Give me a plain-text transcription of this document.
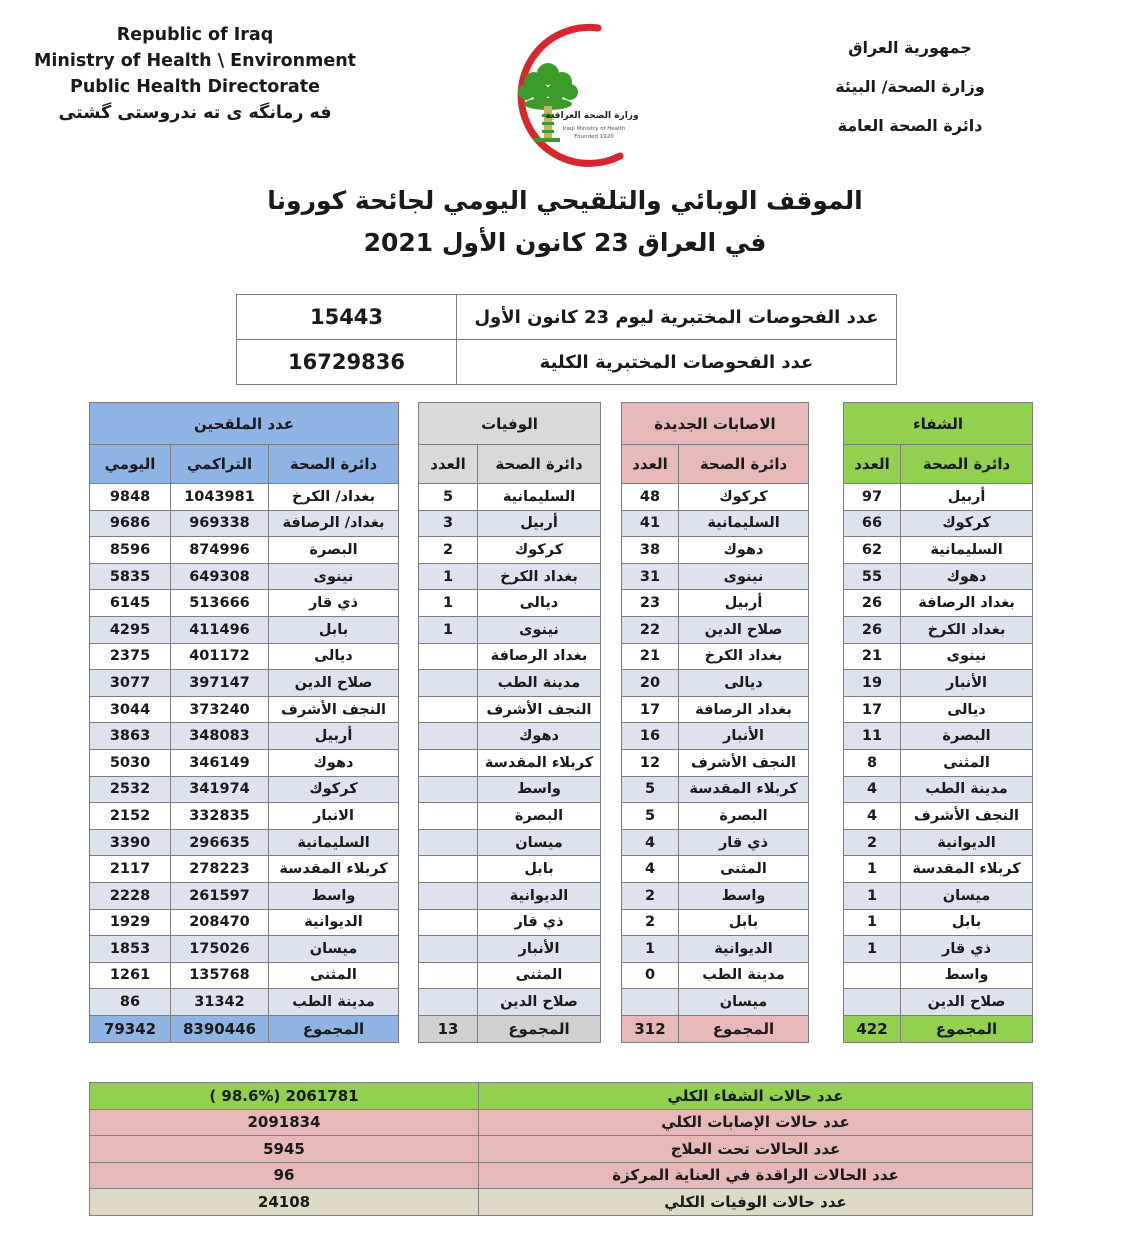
Republic of Iraq
Ministry of Health \ Environment
Public Health Directorate
فه رمانگه ی ته ندروستی گشتی	وزارة الصحة العراقية
Iraqi Ministry of Health
Founded 1920
جمهورية العراق
وزارة الصحة/ البيئة
دائرة الصحة العامة
الموقف الوبائي والتلقيحي اليومي لجائحة كورونا
في العراق 23 كانون الأول 2021
عدد الفحوصات المختبرية ليوم 23 كانون الأول	15443
عدد الفحوصات المختبرية الكلية	16729836
الشفاء	
دائرة الصحة	العدد
أربيل	97
كركوك	66
السليمانية	62
دهوك	55
بغداد الرصافة	26
بغداد الكرخ	26
نينوى	21
الأنبار	19
ديالى	17
البصرة	11
المثنى	8
مدينة الطب	4
النجف الأشرف	4
الديوانية	2
كربلاء المقدسة	1
ميسان	1
بابل	1
ذي قار	1
واسط	
صلاح الدين	
المجموع	422
الاصابات الجديدة	
دائرة الصحة	العدد
كركوك	48
السليمانية	41
دهوك	38
نينوى	31
أربيل	23
صلاح الدين	22
بغداد الكرخ	21
ديالى	20
بغداد الرصافة	17
الأنبار	16
النجف الأشرف	12
كربلاء المقدسة	5
البصرة	5
ذي قار	4
المثنى	4
واسط	2
بابل	2
الديوانية	1
مدينة الطب	0
ميسان	
المجموع	312
الوفيات	
دائرة الصحة	العدد
السليمانية	5
أربيل	3
كركوك	2
بغداد الكرخ	1
ديالى	1
نينوى	1
بغداد الرصافة	
مدينة الطب	
النجف الأشرف	
دهوك	
كربلاء المقدسة	
واسط	
البصرة	
ميسان	
بابل	
الديوانية	
ذي قار	
الأنبار	
المثنى	
صلاح الدين	
المجموع	13
عدد الملقحين		
دائرة الصحة	التراكمي	اليومي
بغداد/ الكرخ	1043981	9848
بغداد/ الرصافة	969338	9686
البصرة	874996	8596
نينوى	649308	5835
ذي قار	513666	6145
بابل	411496	4295
ديالى	401172	2375
صلاح الدين	397147	3077
النجف الأشرف	373240	3044
أربيل	348083	3863
دهوك	346149	5030
كركوك	341974	2532
الانبار	332835	2152
السليمانية	296635	3390
كربلاء المقدسة	278223	2117
واسط	261597	2228
الديوانية	208470	1929
ميسان	175026	1853
المثنى	135768	1261
مدينة الطب	31342	86
المجموع	8390446	79342
عدد حالات الشفاء الكلي	( 98.6%) 2061781
عدد حالات الإصابات الكلي	2091834
عدد الحالات تحت العلاج	5945
عدد الحالات الراقدة في العناية المركزة	96
عدد حالات الوفيات الكلي	24108
